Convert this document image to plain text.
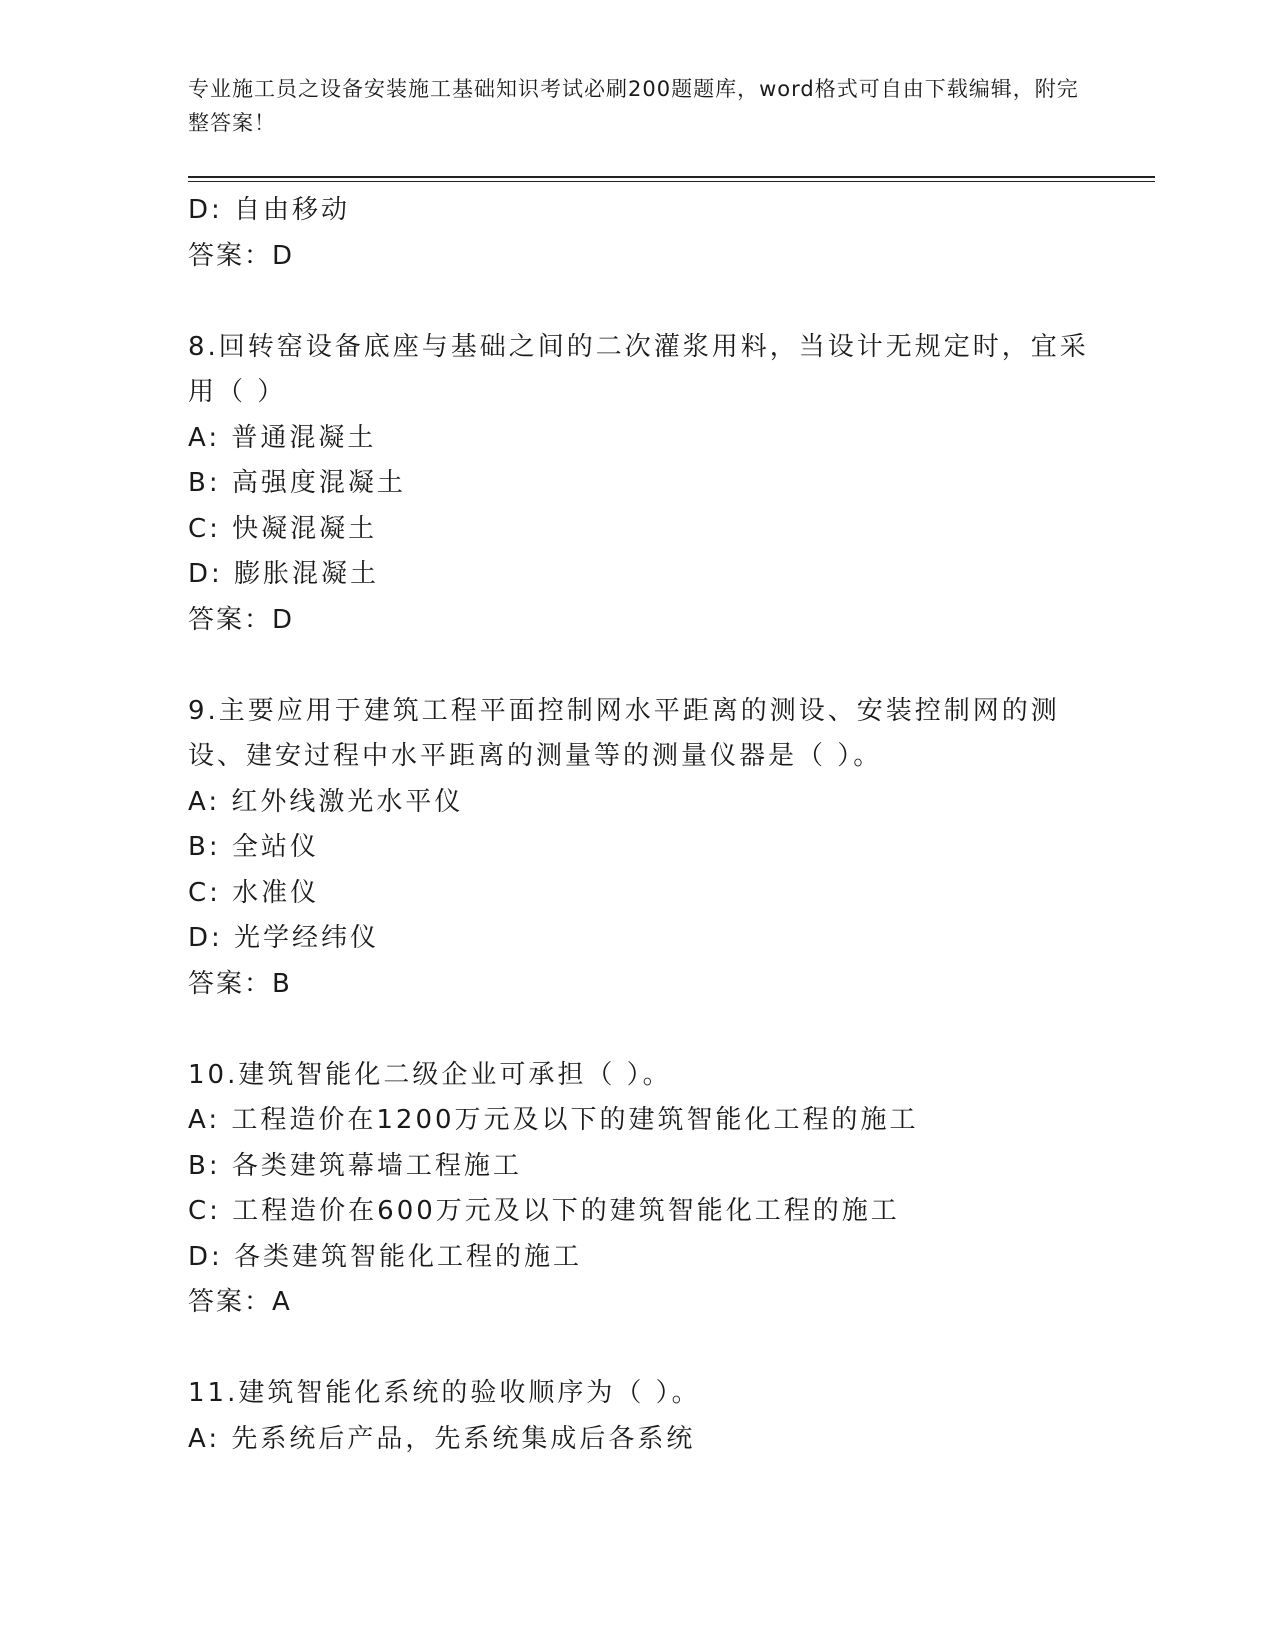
专业施工员之设备安装施工基础知识考试必刷200题题库，word格式可自由下载编辑，附完整答案！
D: 自由移动
答案：D
8.回转窑设备底座与基础之间的二次灌浆用料，当设计无规定时，宜采用（ ）
A: 普通混凝土
B: 高强度混凝土
C: 快凝混凝土
D: 膨胀混凝土
答案：D
9.主要应用于建筑工程平面控制网水平距离的测设、安装控制网的测设、建安过程中水平距离的测量等的测量仪器是（ ）。
A: 红外线激光水平仪
B: 全站仪
C: 水准仪
D: 光学经纬仪
答案：B
10.建筑智能化二级企业可承担（ ）。
A: 工程造价在1200万元及以下的建筑智能化工程的施工
B: 各类建筑幕墙工程施工
C: 工程造价在600万元及以下的建筑智能化工程的施工
D: 各类建筑智能化工程的施工
答案：A
11.建筑智能化系统的验收顺序为（ ）。
A: 先系统后产品，先系统集成后各系统
